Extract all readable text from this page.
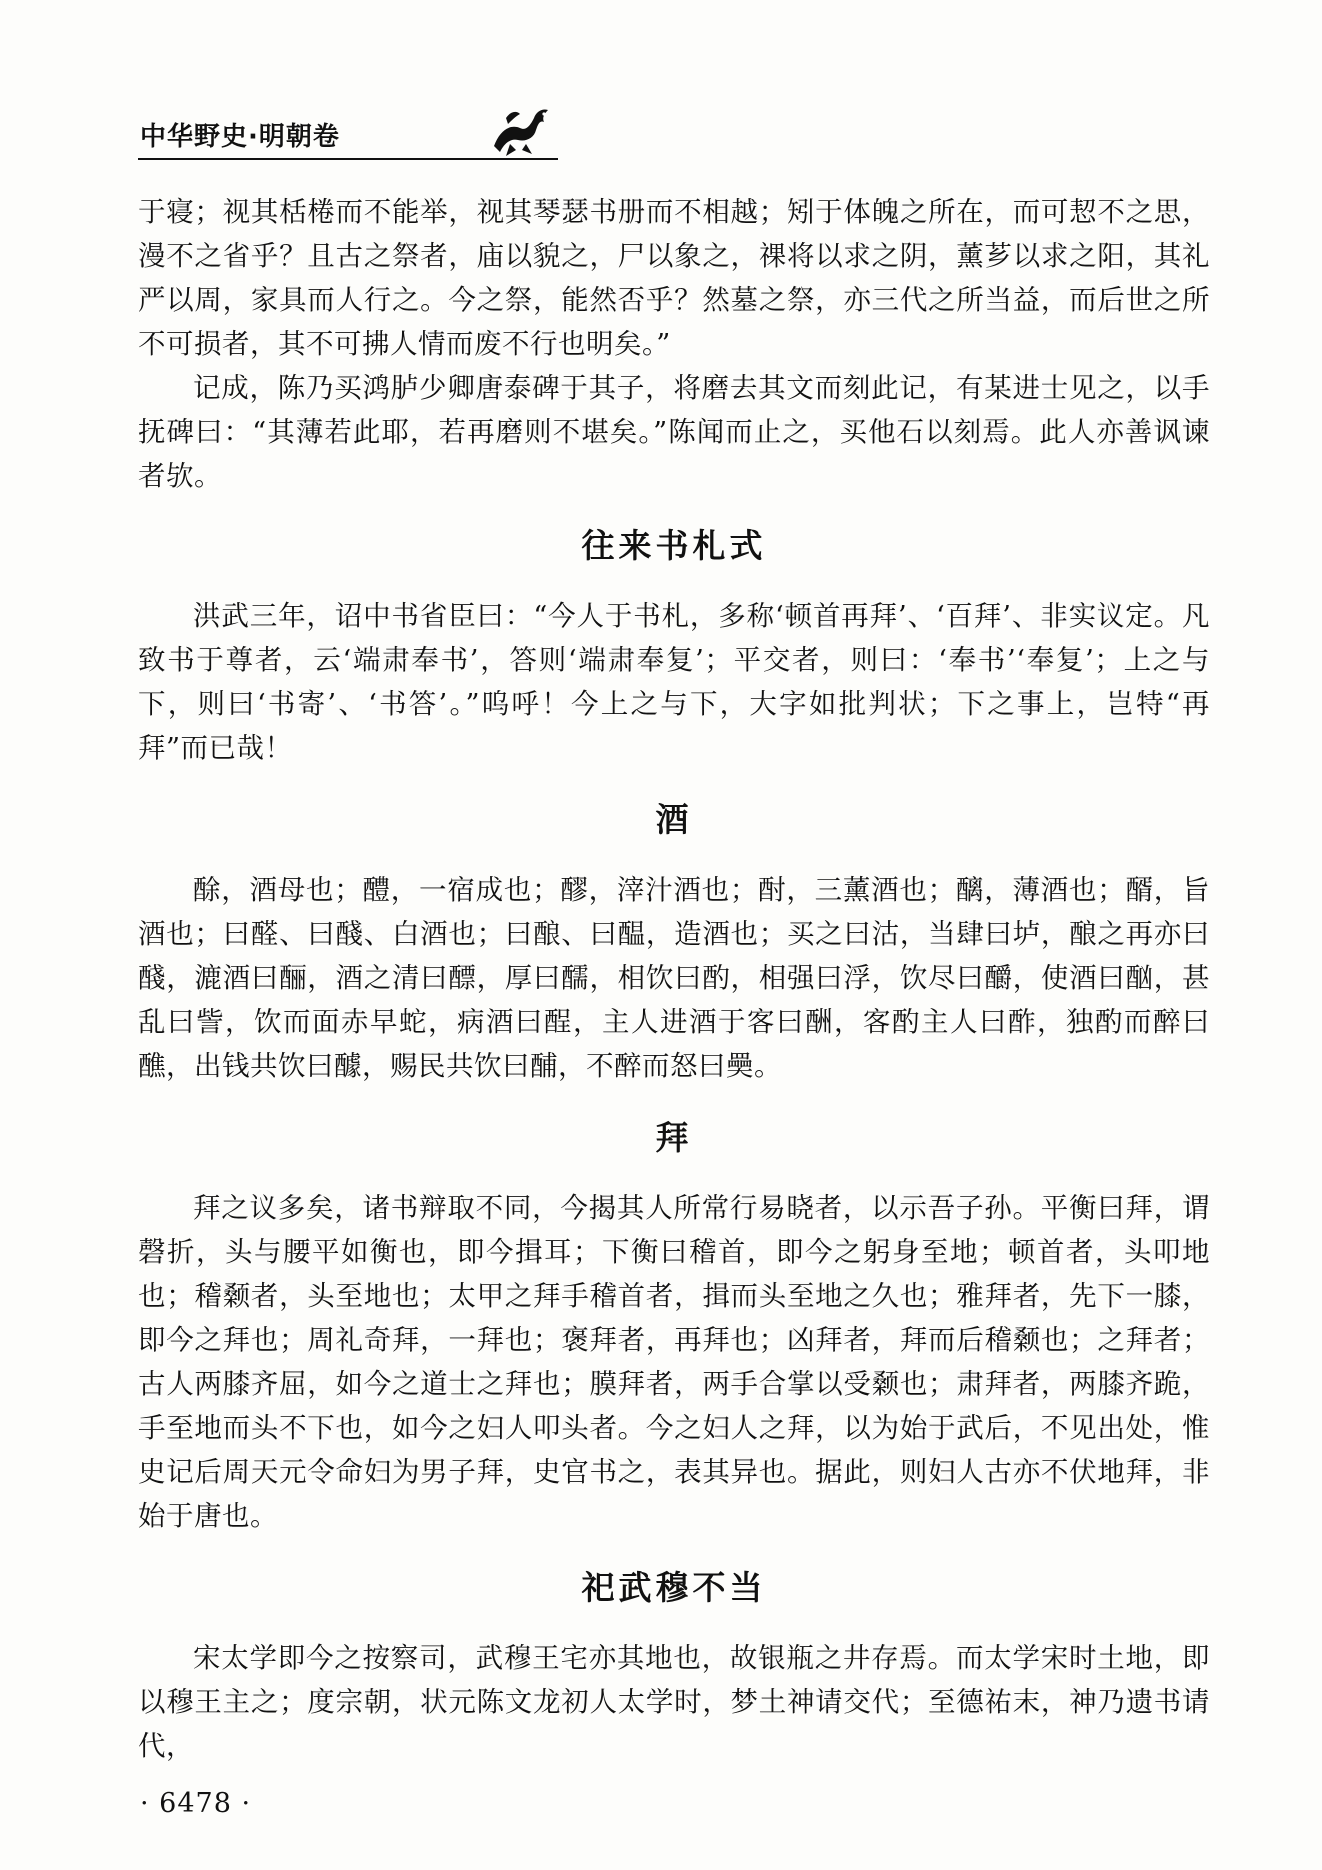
中华野史·明朝卷

于寝；视其栝棬而不能举，视其琴瑟书册而不相越；矧于体魄之所在，而可恝不之思，漫不之省乎？且古之祭者，庙以貌之，尸以象之，祼将以求之阴，薰芗以求之阳，其礼严以周，家具而人行之。今之祭，能然否乎？然墓之祭，亦三代之所当益，而后世之所不可损者，其不可拂人情而废不行也明矣。”

记成，陈乃买鸿胪少卿唐泰碑于其子，将磨去其文而刻此记，有某进士见之，以手抚碑曰：“其薄若此耶，若再磨则不堪矣。”陈闻而止之，买他石以刻焉。此人亦善讽谏者欤。

往来书札式

洪武三年，诏中书省臣曰：“今人于书札，多称‘顿首再拜’、‘百拜’、非实议定。凡致书于尊者，云‘端肃奉书’，答则‘端肃奉复’；平交者，则曰：‘奉书’‘奉复’；上之与下，则曰‘书寄’、‘书答’。”呜呼！今上之与下，大字如批判状；下之事上，岂特“再拜”而已哉！

酒

酴，酒母也；醴，一宿成也；醪，滓汁酒也；酎，三薰酒也；醨，薄酒也；醑，旨酒也；曰醛、曰醆、白酒也；曰酿、曰醖，造酒也；买之曰沽，当肆曰垆，酿之再亦曰醆，漉酒曰酾，酒之清曰醥，厚曰醹，相饮曰酌，相强曰浮，饮尽曰釂，使酒曰酗，甚乱曰訾，饮而面赤早蛇，病酒曰酲，主人进酒于客曰酬，客酌主人曰酢，独酌而醉曰醮，出钱共饮曰醵，赐民共饮曰酺，不醉而怒曰奰。

拜

拜之议多矣，诸书辩取不同，今揭其人所常行易晓者，以示吾子孙。平衡曰拜，谓磬折，头与腰平如衡也，即今揖耳；下衡曰稽首，即今之躬身至地；顿首者，头叩地也；稽颡者，头至地也；太甲之拜手稽首者，揖而头至地之久也；雅拜者，先下一膝，即今之拜也；周礼奇拜，一拜也；褒拜者，再拜也；凶拜者，拜而后稽颡也；之拜者；古人两膝齐屈，如今之道士之拜也；膜拜者，两手合掌以受颡也；肃拜者，两膝齐跪，手至地而头不下也，如今之妇人叩头者。今之妇人之拜，以为始于武后，不见出处，惟史记后周天元令命妇为男子拜，史官书之，表其异也。据此，则妇人古亦不伏地拜，非始于唐也。

祀武穆不当

宋太学即今之按察司，武穆王宅亦其地也，故银瓶之井存焉。而太学宋时土地，即以穆王主之；度宗朝，状元陈文龙初人太学时，梦土神请交代；至德祐末，神乃遗书请代，

· 6478 ·
